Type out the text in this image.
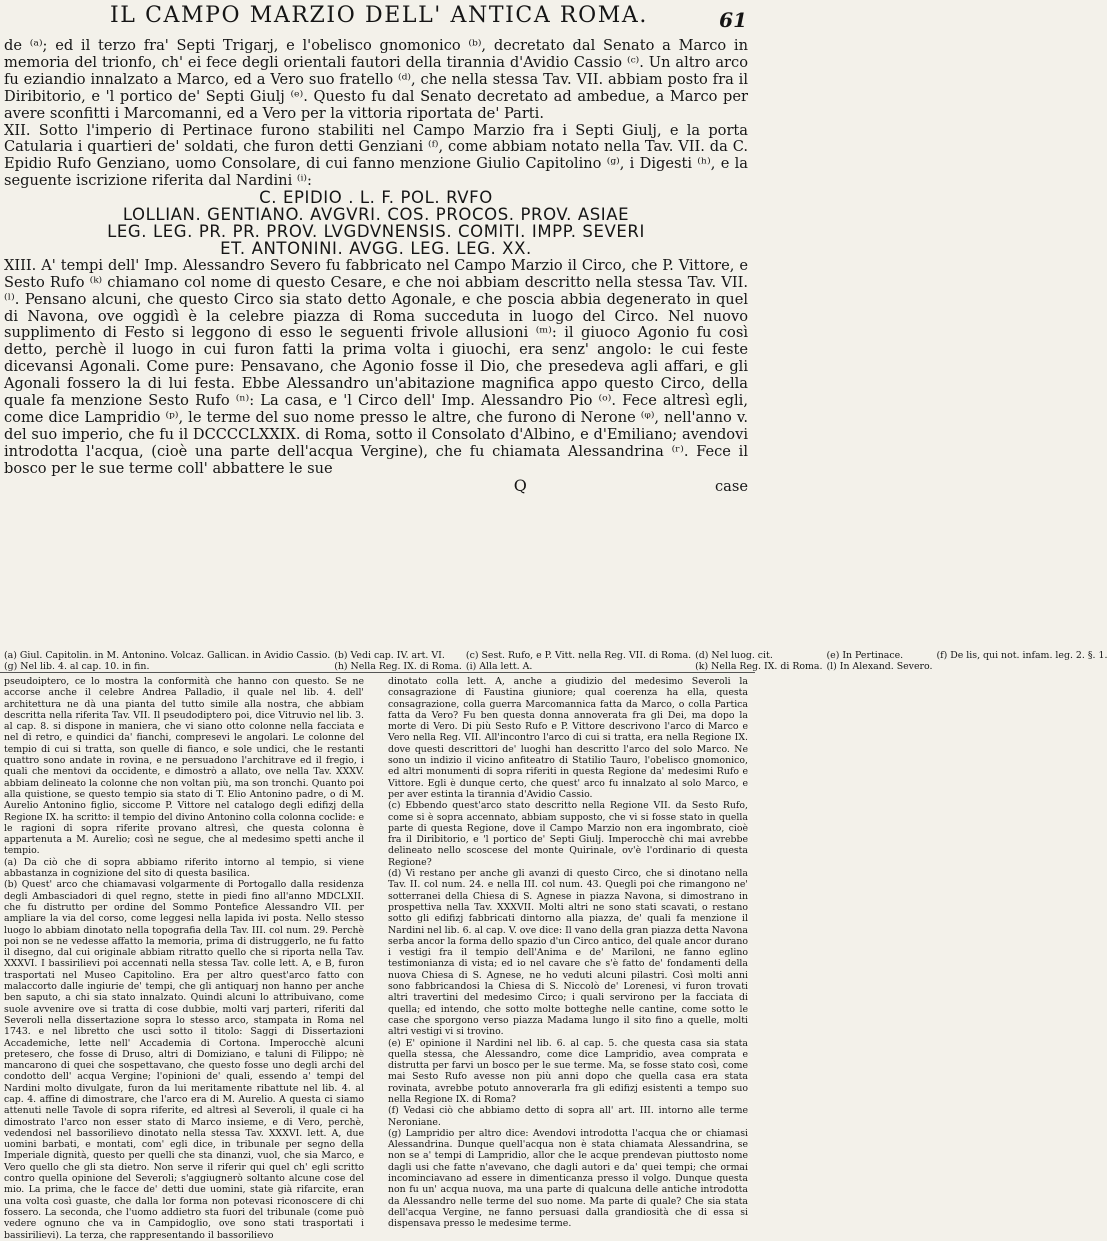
IL CAMPO MARZIO DELL' ANTICA ROMA.	61

de ⁽ᵃ⁾; ed il terzo fra' Septi Trigarj, e l'obelisco gnomonico ⁽ᵇ⁾, decretato dal Senato a Marco in memoria del trionfo, ch' ei fece degli orientali fautori della tirannia d'Avidio Cassio ⁽ᶜ⁾. Un altro arco fu eziandio innalzato a Marco, ed a Vero suo fratello ⁽ᵈ⁾, che nella stessa Tav. VII. abbiam posto fra il Diribitorio, e 'l portico de' Septi Giulj ⁽ᵉ⁾. Questo fu dal Senato decretato ad ambedue, a Marco per avere sconfitti i Marcomanni, ed a Vero per la vittoria riportata de' Parti.

XII. Sotto l'imperio di Pertinace furono stabiliti nel Campo Marzio fra i Septi Giulj, e la porta Catularia i quartieri de' soldati, che furon detti Genziani ⁽ᶠ⁾, come abbiam notato nella Tav. VII. da C. Epidio Rufo Genziano, uomo Consolare, di cui fanno menzione Giulio Capitolino ⁽ᵍ⁾, i Digesti ⁽ʰ⁾, e la seguente iscrizione riferita dal Nardini ⁽ⁱ⁾:

C. EPIDIO . L. F. POL. RVFO
LOLLIAN. GENTIANO. AVGVRI. COS. PROCOS. PROV. ASIAE
LEG. LEG. PR. PR. PROV. LVGDVNENSIS. COMITI. IMPP. SEVERI
ET. ANTONINI. AVGG. LEG. LEG. XX.

XIII. A' tempi dell' Imp. Alessandro Severo fu fabbricato nel Campo Marzio il Circo, che P. Vittore, e Sesto Rufo ⁽ᵏ⁾ chiamano col nome di questo Cesare, e che noi abbiam descritto nella stessa Tav. VII. ⁽ˡ⁾. Pensano alcuni, che questo Circo sia stato detto Agonale, e che poscia abbia degenerato in quel di Navona, ove oggidì è la celebre piazza di Roma succeduta in luogo del Circo. Nel nuovo supplimento di Festo si leggono di esso le seguenti frivole allusioni ⁽ᵐ⁾: il giuoco Agonio fu così detto, perchè il luogo in cui furon fatti la prima volta i giuochi, era senz' angolo: le cui feste dicevansi Agonali. Come pure: Pensavano, che Agonio fosse il Dio, che presedeva agli affari, e gli Agonali fossero la di lui festa. Ebbe Alessandro un'abitazione magnifica appo questo Circo, della quale fa menzione Sesto Rufo ⁽ⁿ⁾: La casa, e 'l Circo dell' Imp. Alessandro Pio ⁽ᵒ⁾. Fece altresì egli, come dice Lampridio ⁽ᵖ⁾, le terme del suo nome presso le altre, che furono di Nerone ⁽ᵠ⁾, nell'anno v. del suo imperio, che fu il DCCCCLXXIX. di Roma, sotto il Consolato d'Albino, e d'Emiliano; avendovi introdotta l'acqua, (cioè una parte dell'acqua Vergine), che fu chiamata Alessandrina ⁽ʳ⁾. Fece il bosco per le sue terme coll' abbattere le sue

Q	case
(a) Giul. Capitolin. in M. Antonino. Volcaz. Gallican. in Avidio Cassio. (b) Vedi cap. IV. art. VI.	(c) Sest. Rufo, e P. Vitt. nella Reg. VII. di Roma. (d) Nel luog. cit.	(e) In Pertinace.	(f) De lis, qui not. infam. leg. 2. §. 1.
(g) Nel lib. 4. al cap. 10. in fin.	(h) Nella Reg. IX. di Roma. (i) Alla lett. A.	(k) Nella Reg. IX. di Roma. (l) In Alexand. Severo.

pseudoiptero, ce lo mostra la conformità che hanno con questo. Se ne accorse anche il celebre Andrea Palladio, il quale nel lib. 4. dell' architettura ne dà una pianta del tutto simile alla nostra, che abbiam descritta nella riferita Tav. VII. Il pseudodiptero poi, dice Vitruvio nel lib. 3. al cap. 8. si dispone in maniera, che vi siano otto colonne nella facciata e nel di retro, e quindici da' fianchi, compresevi le angolari. Le colonne del tempio di cui si tratta, son quelle di fianco, e sole undici, che le restanti quattro sono andate in rovina, e ne persuadono l'architrave ed il fregio, i quali che mentovi da occidente, e dimostrò a allato, ove nella Tav. XXXV. abbiam delineato la colonne che non voltan più, ma son tronchi. Quanto poi alla quistione, se questo tempio sia stato di T. Elio Antonino padre, o di M. Aurelio Antonino figlio, siccome P. Vittore nel catalogo degli edifizj della Regione IX. ha scritto: il tempio del divino Antonino colla colonna coclide: e le ragioni di sopra riferite provano altresì, che questa colonna è appartenuta a M. Aurelio; così ne segue, che al medesimo spetti anche il tempio.

(a) Da ciò che di sopra abbiamo riferito intorno al tempio, si viene abbastanza in cognizione del sito di questa basilica.

(b) Quest' arco che chiamavasi volgarmente di Portogallo dalla residenza degli Ambasciadori di quel regno, stette in piedi fino all'anno MDCLXII. che fu distrutto per ordine del Sommo Pontefice Alessandro VII. per ampliare la via del corso, come leggesi nella lapida ivi posta. Nello stesso luogo lo abbiam dinotato nella topografia della Tav. III. col num. 29. Perchè poi non se ne vedesse affatto la memoria, prima di distruggerlo, ne fu fatto il disegno, dal cui originale abbiam ritratto quello che si riporta nella Tav. XXXVI. I bassirilievi poi accennati nella stessa Tav. colle lett. A, e B, furon trasportati nel Museo Capitolino. Era per altro quest'arco fatto con malaccorto dalle ingiurie de' tempi, che gli antiquarj non hanno per anche ben saputo, a chi sia stato innalzato. Quindi alcuni lo attribuivano, come suole avvenire ove si tratta di cose dubbie, molti varj parteri, riferiti dal Severoli nella dissertazione sopra lo stesso arco, stampata in Roma nel 1743. e nel libretto che uscì sotto il titolo: Saggi di Dissertazioni Accademiche, lette nell' Accademia di Cortona. Imperocchè alcuni pretesero, che fosse di Druso, altri di Domiziano, e taluni di Filippo; nè mancarono di quei che sospettavano, che questo fosse uno degli archi del condotto dell' acqua Vergine; l'opinioni de' quali, essendo a' tempi del Nardini molto divulgate, furon da lui meritamente ribattute nel lib. 4. al cap. 4. affine di dimostrare, che l'arco era di M. Aurelio. A questa ci siamo attenuti nelle Tavole di sopra riferite, ed altresì al Severoli, il quale ci ha dimostrato l'arco non esser stato di Marco insieme, e di Vero, perchè, vedendosi nel bassorilievo dinotato nella stessa Tav. XXXVI. lett. A, due uomini barbati, e montati, com' egli dice, in tribunale per segno della Imperiale dignità, questo per quelli che sta dinanzi, vuol, che sia Marco, e Vero quello che gli sta dietro. Non serve il riferir qui quel ch' egli scritto contro quella opinione del Severoli; s'aggiugnerò soltanto alcune cose del mio. La prima, che le facce de' detti due uomini, state già rifarcite, eran una volta così guaste, che dalla lor forma non potevasi riconoscere di chi fossero. La seconda, che l'uomo addietro sta fuori del tribunale (come può vedere ognuno che va in Campidoglio, ove sono stati trasportati i bassirilievi). La terza, che rappresentando il bassorilievo

dinotato colla lett. A, anche a giudizio del medesimo Severoli la consagrazione di Faustina giuniore; qual coerenza ha ella, questa consagrazione, colla guerra Marcomannica fatta da Marco, o colla Partica fatta da Vero? Fu ben questa donna annoverata fra gli Dei, ma dopo la morte di Vero. Di più Sesto Rufo e P. Vittore descrivono l'arco di Marco e Vero nella Reg. VII. All'incontro l'arco di cui si tratta, era nella Regione IX. dove questi descrittori de' luoghi han descritto l'arco del solo Marco. Ne sono un indizio il vicino anfiteatro di Statilio Tauro, l'obelisco gnomonico, ed altri monumenti di sopra riferiti in questa Regione da' medesimi Rufo e Vittore. Egli è dunque certo, che quest' arco fu innalzato al solo Marco, e per aver estinta la tirannia d'Avidio Cassio.

(c) Ebbendo quest'arco stato descritto nella Regione VII. da Sesto Rufo, come si è sopra accennato, abbiam supposto, che vi si fosse stato in quella parte di questa Regione, dove il Campo Marzio non era ingombrato, cioè fra il Diribitorio, e 'l portico de' Septi Giulj. Imperocchè chi mai avrebbe delineato nello scoscese del monte Quirinale, ov'è l'ordinario di questa Regione?

(d) Vi restano per anche gli avanzi di questo Circo, che si dinotano nella Tav. II. col num. 24. e nella III. col num. 43. Quegli poi che rimangono ne' sotterranei della Chiesa di S. Agnese in piazza Navona, si dimostrano in prospettiva nella Tav. XXXVII. Molti altri ne sono stati scavati, o restano sotto gli edifizj fabbricati dintorno alla piazza, de' quali fa menzione il Nardini nel lib. 6. al cap. V. ove dice: Il vano della gran piazza detta Navona serba ancor la forma dello spazio d'un Circo antico, del quale ancor durano i vestigi fra il tempio dell'Anima e de' Mariloni, ne fanno eglino testimonianza di vista; ed io nel cavare che s'è fatto de' fondamenti della nuova Chiesa di S. Agnese, ne ho veduti alcuni pilastri. Così molti anni sono fabbricandosi la Chiesa di S. Niccolò de' Lorenesi, vi furon trovati altri travertini del medesimo Circo; i quali servirono per la facciata di quella; ed intendo, che sotto molte botteghe nelle cantine, come sotto le case che sporgono verso piazza Madama lungo il sito fino a quelle, molti altri vestigi vi si trovino.

(e) E' opinione il Nardini nel lib. 6. al cap. 5. che questa casa sia stata quella stessa, che Alessandro, come dice Lampridio, avea comprata e distrutta per farvi un bosco per le sue terme. Ma, se fosse stato così, come mai Sesto Rufo avesse non più anni dopo che quella casa era stata rovinata, avrebbe potuto annoverarla fra gli edifizj esistenti a tempo suo nella Regione IX. di Roma?

(f) Vedasi ciò che abbiamo detto di sopra all' art. III. intorno alle terme Neroniane.

(g) Lampridio per altro dice: Avendovi introdotta l'acqua che or chiamasi Alessandrina. Dunque quell'acqua non è stata chiamata Alessandrina, se non se a' tempi di Lampridio, allor che le acque prendevan piuttosto nome dagli usi che fatte n'avevano, che dagli autori e da' quei tempi; che ormai incominciavano ad essere in dimenticanza presso il volgo. Dunque questa non fu un' acqua nuova, ma una parte di qualcuna delle antiche introdotta da Alessandro nelle terme del suo nome. Ma parte di quale? Che sia stata dell'acqua Vergine, ne fanno persuasi dalla grandiosità che di essa si dispensava presso le medesime terme.
